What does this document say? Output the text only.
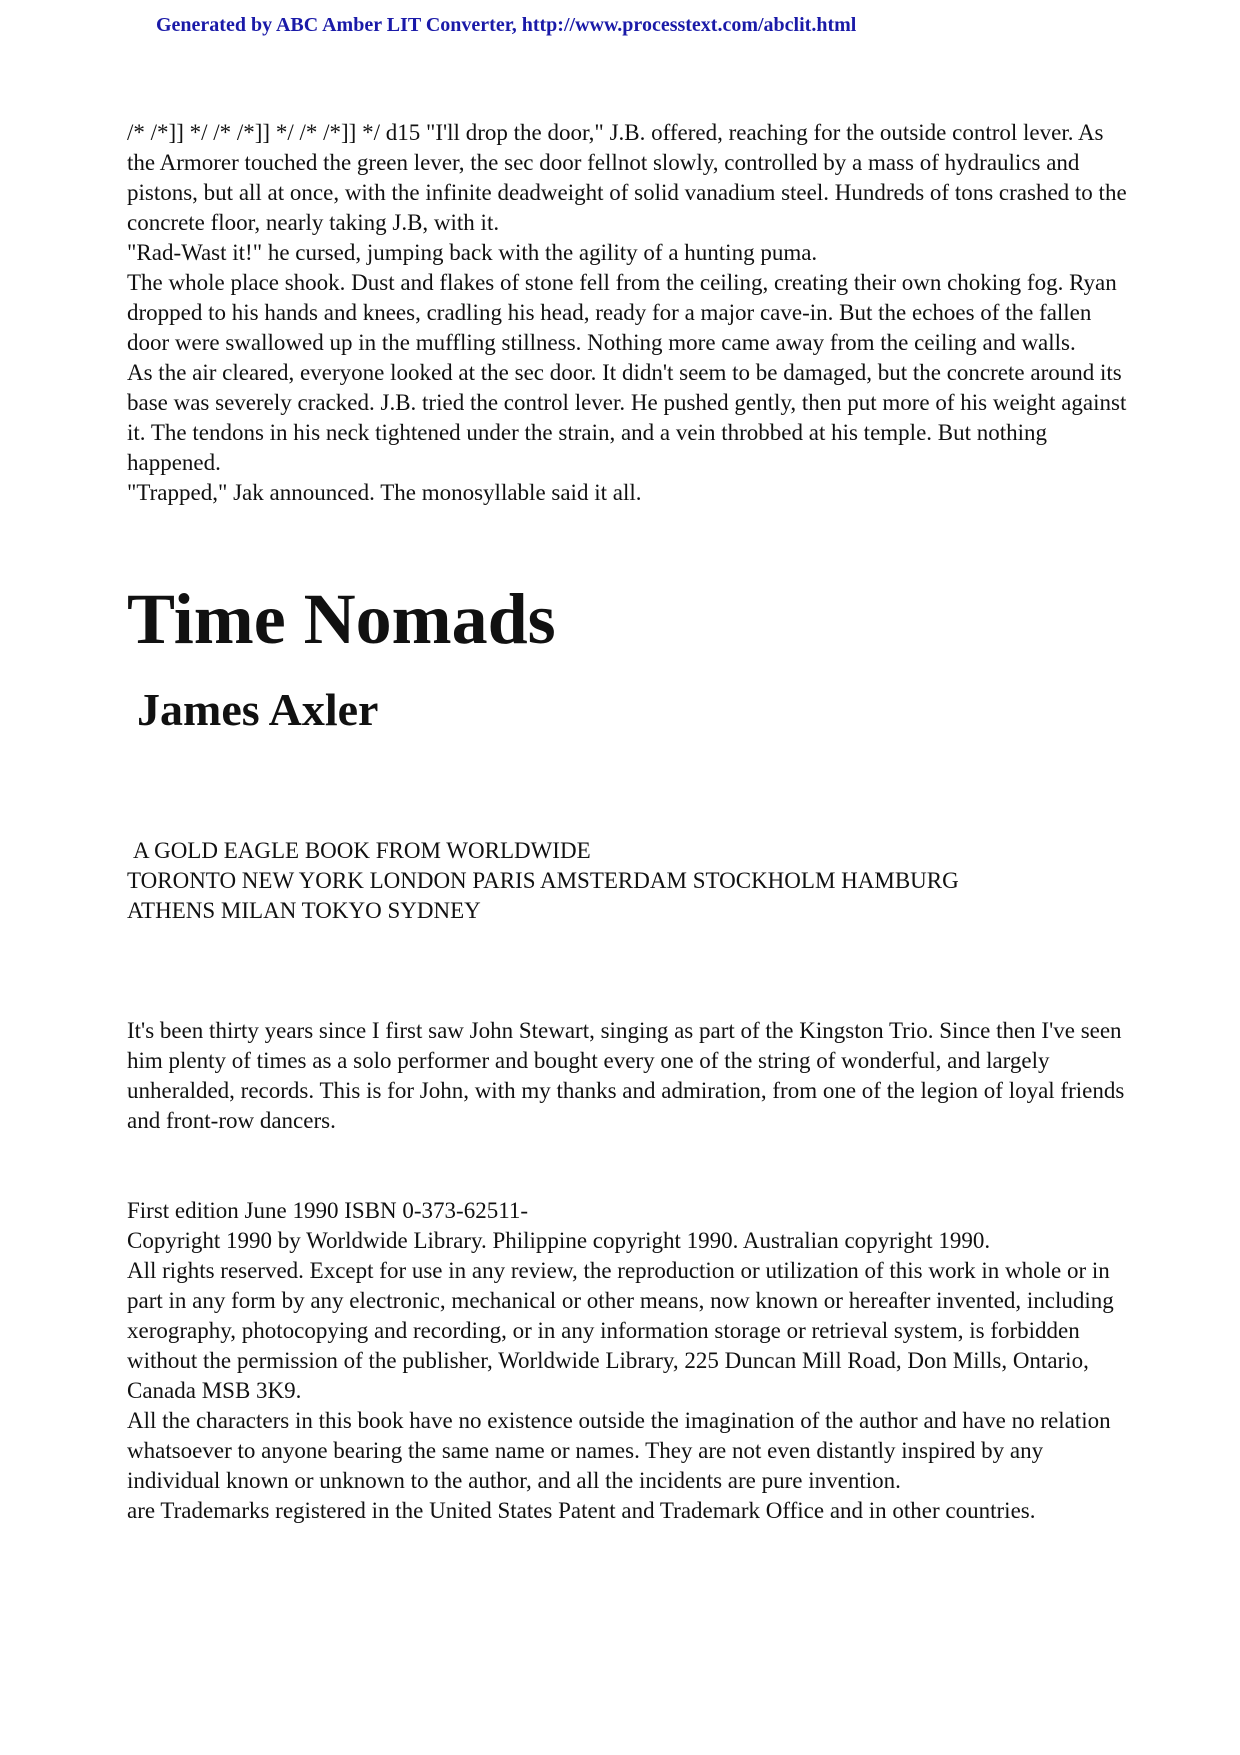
Generated by ABC Amber LIT Converter, http://www.processtext.com/abclit.html

/* /*]] */ /* /*]] */ /* /*]] */ d15 "I'll drop the door," J.B. offered, reaching for the outside control lever. As the Armorer touched the green lever, the sec door fellnot slowly, controlled by a mass of hydraulics and pistons, but all at once, with the infinite deadweight of solid vanadium steel. Hundreds of tons crashed to the concrete floor, nearly taking J.B, with it.

"Rad-Wast it!" he cursed, jumping back with the agility of a hunting puma.

The whole place shook. Dust and flakes of stone fell from the ceiling, creating their own choking fog. Ryan dropped to his hands and knees, cradling his head, ready for a major cave-in. But the echoes of the fallen door were swallowed up in the muffling stillness. Nothing more came away from the ceiling and walls.

As the air cleared, everyone looked at the sec door. It didn't seem to be damaged, but the concrete around its base was severely cracked. J.B. tried the control lever. He pushed gently, then put more of his weight against it. The tendons in his neck tightened under the strain, and a vein throbbed at his temple. But nothing happened.

"Trapped," Jak announced. The monosyllable said it all.

Time Nomads
James Axler
A GOLD EAGLE BOOK FROM WORLDWIDE
TORONTO NEW YORK LONDON PARIS AMSTERDAM STOCKHOLM HAMBURG
ATHENS MILAN TOKYO SYDNEY

It's been thirty years since I first saw John Stewart, singing as part of the Kingston Trio. Since then I've seen him plenty of times as a solo performer and bought every one of the string of wonderful, and largely unheralded, records. This is for John, with my thanks and admiration, from one of the legion of loyal friends and front-row dancers.

First edition June 1990 ISBN 0-373-62511-
Copyright 1990 by Worldwide Library. Philippine copyright 1990. Australian copyright 1990.
All rights reserved. Except for use in any review, the reproduction or utilization of this work in whole or in part in any form by any electronic, mechanical or other means, now known or hereafter invented, including xerography, photocopying and recording, or in any information storage or retrieval system, is forbidden without the permission of the publisher, Worldwide Library, 225 Duncan Mill Road, Don Mills, Ontario, Canada MSB 3K9.
All the characters in this book have no existence outside the imagination of the author and have no relation whatsoever to anyone bearing the same name or names. They are not even distantly inspired by any individual known or unknown to the author, and all the incidents are pure invention.
are Trademarks registered in the United States Patent and Trademark Office and in other countries.
